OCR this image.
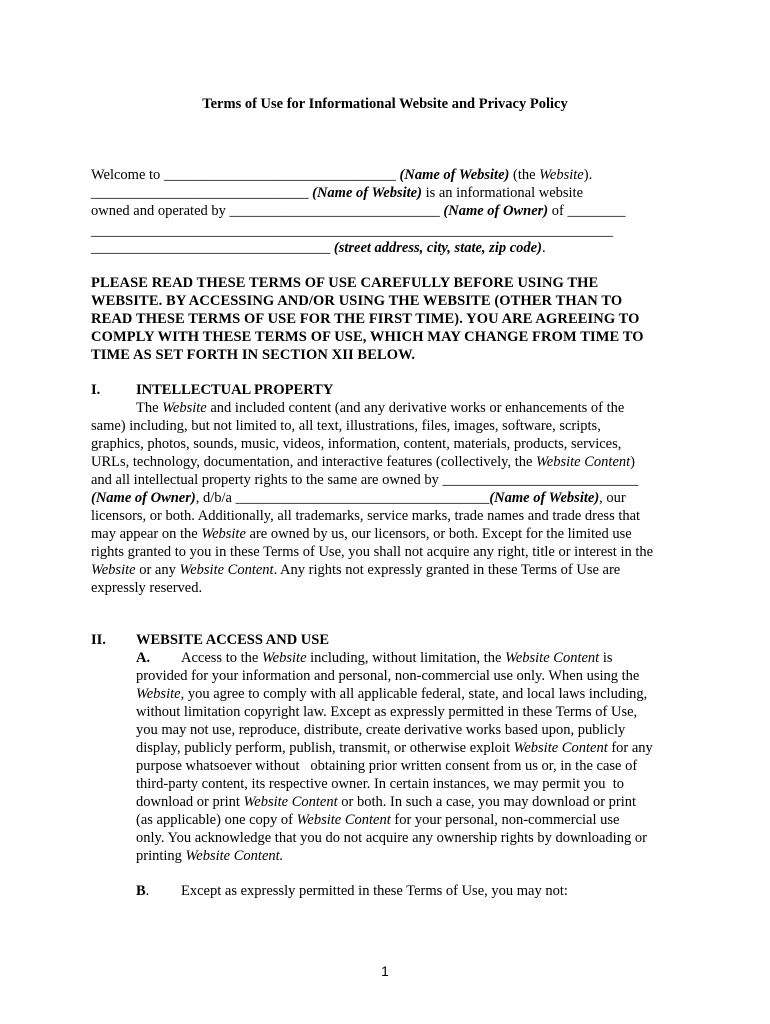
Terms of Use for Informational Website and Privacy Policy
Welcome to ________________________________ (Name of Website) (the Website).
______________________________ (Name of Website) is an informational website
owned and operated by _____________________________ (Name of Owner) of ________
________________________________________________________________________
_________________________________ (street address, city, state, zip code).
PLEASE READ THESE TERMS OF USE CAREFULLY BEFORE USING THE
WEBSITE. BY ACCESSING AND/OR USING THE WEBSITE (OTHER THAN TO
READ THESE TERMS OF USE FOR THE FIRST TIME). YOU ARE AGREEING TO
COMPLY WITH THESE TERMS OF USE, WHICH MAY CHANGE FROM TIME TO
TIME AS SET FORTH IN SECTION XII BELOW.
I. INTELLECTUAL PROPERTY
The Website and included content (and any derivative works or enhancements of the
same) including, but not limited to, all text, illustrations, files, images, software, scripts,
graphics, photos, sounds, music, videos, information, content, materials, products, services,
URLs, technology, documentation, and interactive features (collectively, the Website Content)
and all intellectual property rights to the same are owned by ___________________________
(Name of Owner), d/b/a ___________________________________(Name of Website), our
licensors, or both. Additionally, all trademarks, service marks, trade names and trade dress that
may appear on the Website are owned by us, our licensors, or both. Except for the limited use
rights granted to you in these Terms of Use, you shall not acquire any right, title or interest in the
Website or any Website Content. Any rights not expressly granted in these Terms of Use are
expressly reserved.
II. WEBSITE ACCESS AND USE
A. Access to the Website including, without limitation, the Website Content is
provided for your information and personal, non-commercial use only. When using the
Website, you agree to comply with all applicable federal, state, and local laws including,
without limitation copyright law. Except as expressly permitted in these Terms of Use,
you may not use, reproduce, distribute, create derivative works based upon, publicly
display, publicly perform, publish, transmit, or otherwise exploit Website Content for any
purpose whatsoever without   obtaining prior written consent from us or, in the case of
third-party content, its respective owner. In certain instances, we may permit you  to
download or print Website Content or both. In such a case, you may download or print
(as applicable) one copy of Website Content for your personal, non-commercial use
only. You acknowledge that you do not acquire any ownership rights by downloading or
printing Website Content.
B. Except as expressly permitted in these Terms of Use, you may not:
1
